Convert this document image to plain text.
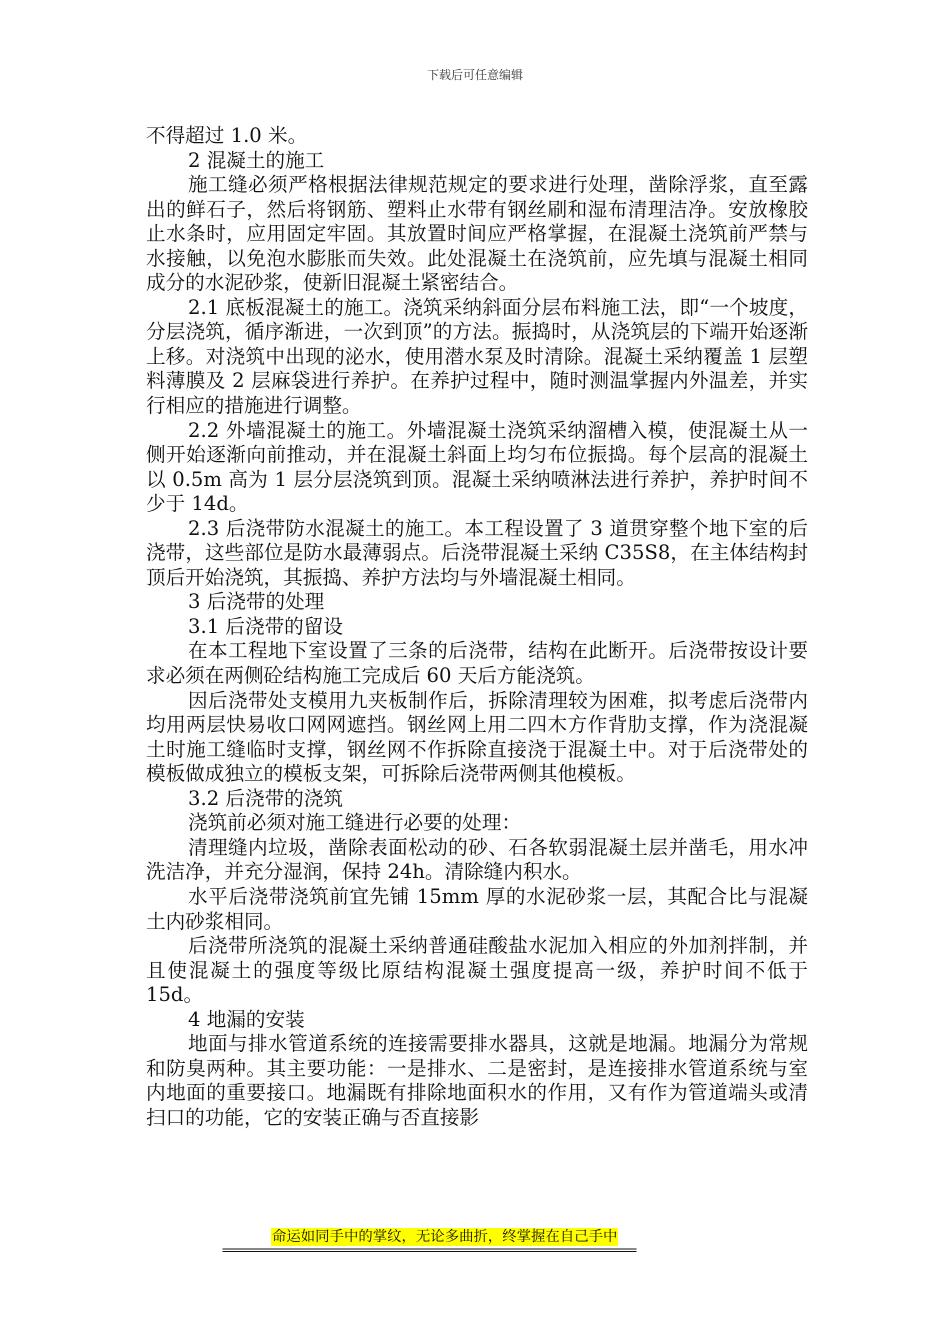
下载后可任意编辑

不得超过 1.0 米。

2 混凝土的施工

施工缝必须严格根据法律规范规定的要求进行处理，凿除浮浆，直至露出的鲜石子，然后将钢筋、塑料止水带有钢丝刷和湿布清理洁净。安放橡胶止水条时，应用固定牢固。其放置时间应严格掌握，在混凝土浇筑前严禁与水接触，以免泡水膨胀而失效。此处混凝土在浇筑前，应先填与混凝土相同成分的水泥砂浆，使新旧混凝土紧密结合。

2.1 底板混凝土的施工。浇筑采纳斜面分层布料施工法，即“一个坡度，分层浇筑，循序渐进，一次到顶”的方法。振捣时，从浇筑层的下端开始逐渐上移。对浇筑中出现的泌水，使用潜水泵及时清除。混凝土采纳覆盖 1 层塑料薄膜及 2 层麻袋进行养护。在养护过程中，随时测温掌握内外温差，并实行相应的措施进行调整。

2.2 外墙混凝土的施工。外墙混凝土浇筑采纳溜槽入模，使混凝土从一侧开始逐渐向前推动，并在混凝土斜面上均匀布位振捣。每个层高的混凝土以 0.5m 高为 1 层分层浇筑到顶。混凝土采纳喷淋法进行养护，养护时间不少于 14d。

2.3 后浇带防水混凝土的施工。本工程设置了 3 道贯穿整个地下室的后浇带，这些部位是防水最薄弱点。后浇带混凝土采纳 C35S8，在主体结构封顶后开始浇筑，其振捣、养护方法均与外墙混凝土相同。

3 后浇带的处理

3.1 后浇带的留设

在本工程地下室设置了三条的后浇带，结构在此断开。后浇带按设计要求必须在两侧砼结构施工完成后 60 天后方能浇筑。

因后浇带处支模用九夹板制作后，拆除清理较为困难，拟考虑后浇带内均用两层快易收口网网遮挡。钢丝网上用二四木方作背肋支撑，作为浇混凝土时施工缝临时支撑，钢丝网不作拆除直接浇于混凝土中。对于后浇带处的模板做成独立的模板支架，可拆除后浇带两侧其他模板。

3.2 后浇带的浇筑

浇筑前必须对施工缝进行必要的处理：

清理缝内垃圾，凿除表面松动的砂、石各软弱混凝土层并凿毛，用水冲洗洁净，并充分湿润，保持 24h。清除缝内积水。

水平后浇带浇筑前宜先铺 15mm 厚的水泥砂浆一层，其配合比与混凝土内砂浆相同。

后浇带所浇筑的混凝土采纳普通硅酸盐水泥加入相应的外加剂拌制，并且使混凝土的强度等级比原结构混凝土强度提高一级，养护时间不低于 15d。

4 地漏的安装

地面与排水管道系统的连接需要排水器具，这就是地漏。地漏分为常规和防臭两种。其主要功能：一是排水、二是密封，是连接排水管道系统与室内地面的重要接口。地漏既有排除地面积水的作用，又有作为管道端头或清扫口的功能，它的安装正确与否直接影

命运如同手中的掌纹，无论多曲折，终掌握在自己手中
==============================================================================
